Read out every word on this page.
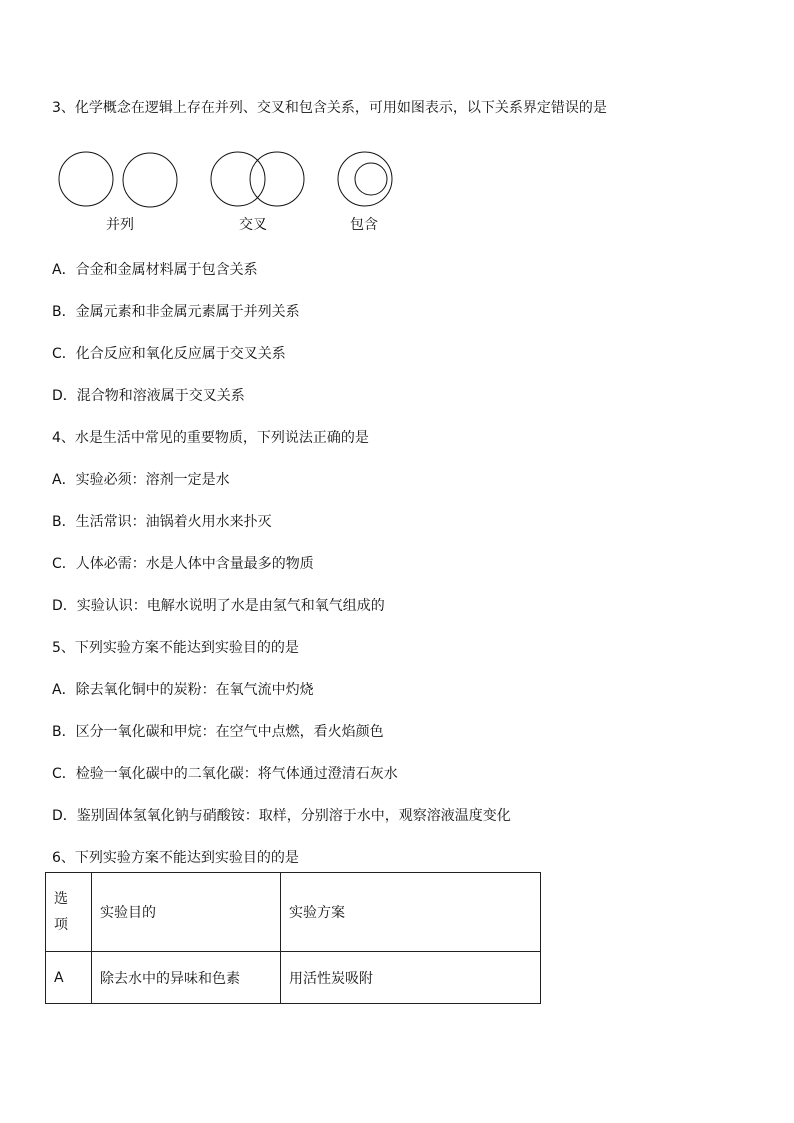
3、化学概念在逻辑上存在并列、交叉和包含关系，可用如图表示，以下关系界定错误的是
并列	交叉	包含
A．合金和金属材料属于包含关系
B．金属元素和非金属元素属于并列关系
C．化合反应和氧化反应属于交叉关系
D．混合物和溶液属于交叉关系
4、水是生活中常见的重要物质，下列说法正确的是
A．实验必须：溶剂一定是水
B．生活常识：油锅着火用水来扑灭
C．人体必需：水是人体中含量最多的物质
D．实验认识：电解水说明了水是由氢气和氧气组成的
5、下列实验方案不能达到实验目的的是
A．除去氧化铜中的炭粉：在氧气流中灼烧
B．区分一氧化碳和甲烷：在空气中点燃，看火焰颜色
C．检验一氧化碳中的二氧化碳：将气体通过澄清石灰水
D．鉴别固体氢氧化钠与硝酸铵：取样，分别溶于水中，观察溶液温度变化
6、下列实验方案不能达到实验目的的是
选项	实验目的	实验方案
A	除去水中的异味和色素	用活性炭吸附
